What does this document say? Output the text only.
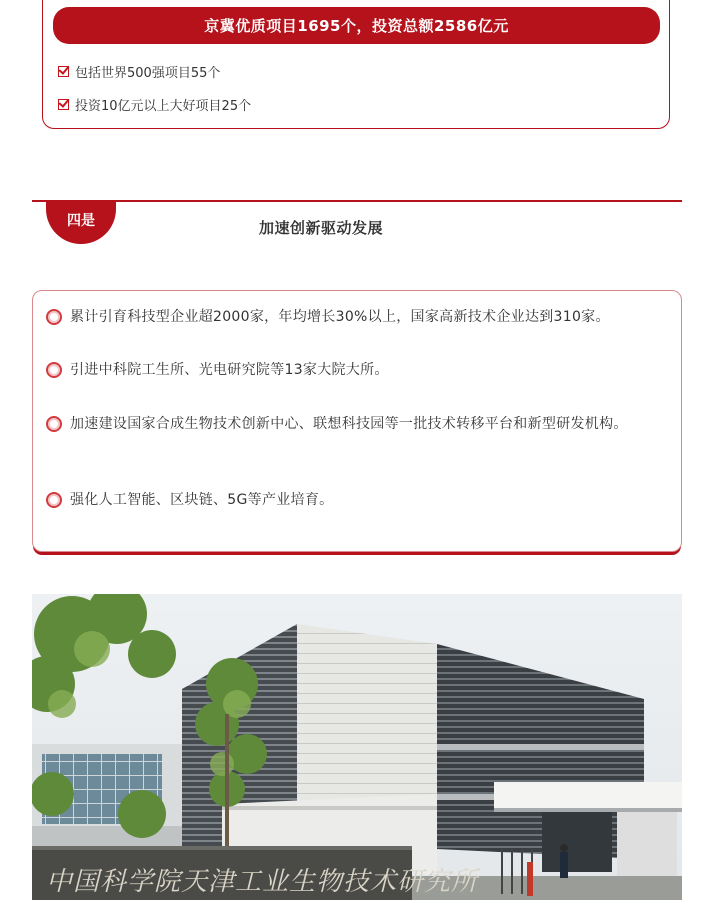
京冀优质项目1695个，投资总额2586亿元
包括世界500强项目55个
投资10亿元以上大好项目25个
四是	加速创新驱动发展
累计引育科技型企业超2000家，年均增长30%以上，国家高新技术企业达到310家。
引进中科院工生所、光电研究院等13家大院大所。
加速建设国家合成生物技术创新中心、联想科技园等一批技术转移平台和新型研发机构。
强化人工智能、区块链、5G等产业培育。
中国科学院天津工业生物技术研究所
